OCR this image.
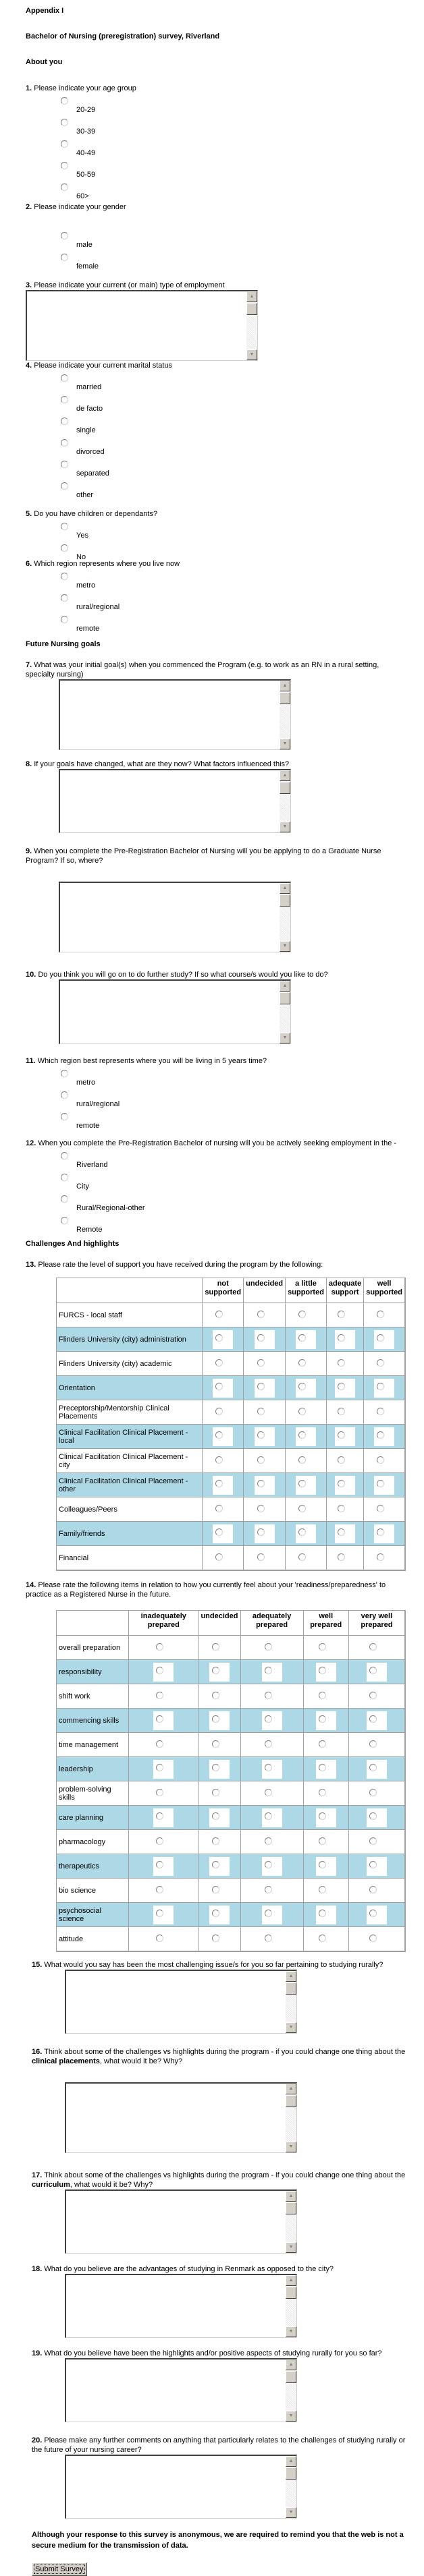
Appendix I

Bachelor of Nursing (preregistration) survey, Riverland

About you

1. Please indicate your age group

20-29
30-39
40-49
50-59
60>

2. Please indicate your gender

male
female

3. Please indicate your current (or main) type of employment

▲
▼

4. Please indicate your current marital status

married
de facto
single
divorced
separated
other

5. Do you have children or dependants?

Yes
No

6. Which region represents where you live now

metro
rural/regional
remote

Future Nursing goals

7. What was your initial goal(s) when you commenced the Program (e.g. to work as an RN in a rural setting, specialty nursing)

▲
▼

8. If your goals have changed, what are they now? What factors influenced this?

▲
▼

9. When you complete the Pre-Registration Bachelor of Nursing will you be applying to do a Graduate Nurse Program? If so, where?

▲
▼

10. Do you think you will go on to do further study? If so what course/s would you like to do?

▲
▼

11. Which region best represents where you will be living in 5 years time?

metro
rural/regional
remote

12. When you complete the Pre-Registration Bachelor of nursing will you be actively seeking employment in the -

Riverland
City
Rural/Regional-other
Remote

Challenges And highlights

13. Please rate the level of support you have received during the program by the following:

	not supported	undecided	a little supported	adequate support	well supported
FURCS - local staff					
Flinders University (city) administration					
Flinders University (city) academic					
Orientation					
Preceptorship/Mentorship Clinical Placements					
Clinical Facilitation Clinical Placement - local					
Clinical Facilitation Clinical Placement - city					
Clinical Facilitation Clinical Placement - other					
Colleagues/Peers					
Family/friends					
Financial					

14. Please rate the following items in relation to how you currently feel about your 'readiness/preparedness' to practice as a Registered Nurse in the future.

	inadequately prepared	undecided	adequately prepared	well prepared	very well prepared
overall preparation					
responsibility					
shift work					
commencing skills					
time management					
leadership					
problem-solving skills					
care planning					
pharmacology					
therapeutics					
bio science					
psychosocial science					
attitude					

15. What would you say has been the most challenging issue/s for you so far pertaining to studying rurally?

▲
▼

16. Think about some of the challenges vs highlights during the program - if you could change one thing about the clinical placements, what would it be? Why?

▲
▼

17. Think about some of the challenges vs highlights during the program - if you could change one thing about the curriculum, what would it be? Why?

▲
▼

18. What do you believe are the advantages of studying in Renmark as opposed to the city?

▲
▼

19. What do you believe have been the highlights and/or positive aspects of studying rurally for you so far?

▲
▼

20. Please make any further comments on anything that particularly relates to the challenges of studying rurally or the future of your nursing career?

▲
▼

Although your response to this survey is anonymous, we are required to remind you that the web is not a secure medium for the transmission of data.

Submit Survey
